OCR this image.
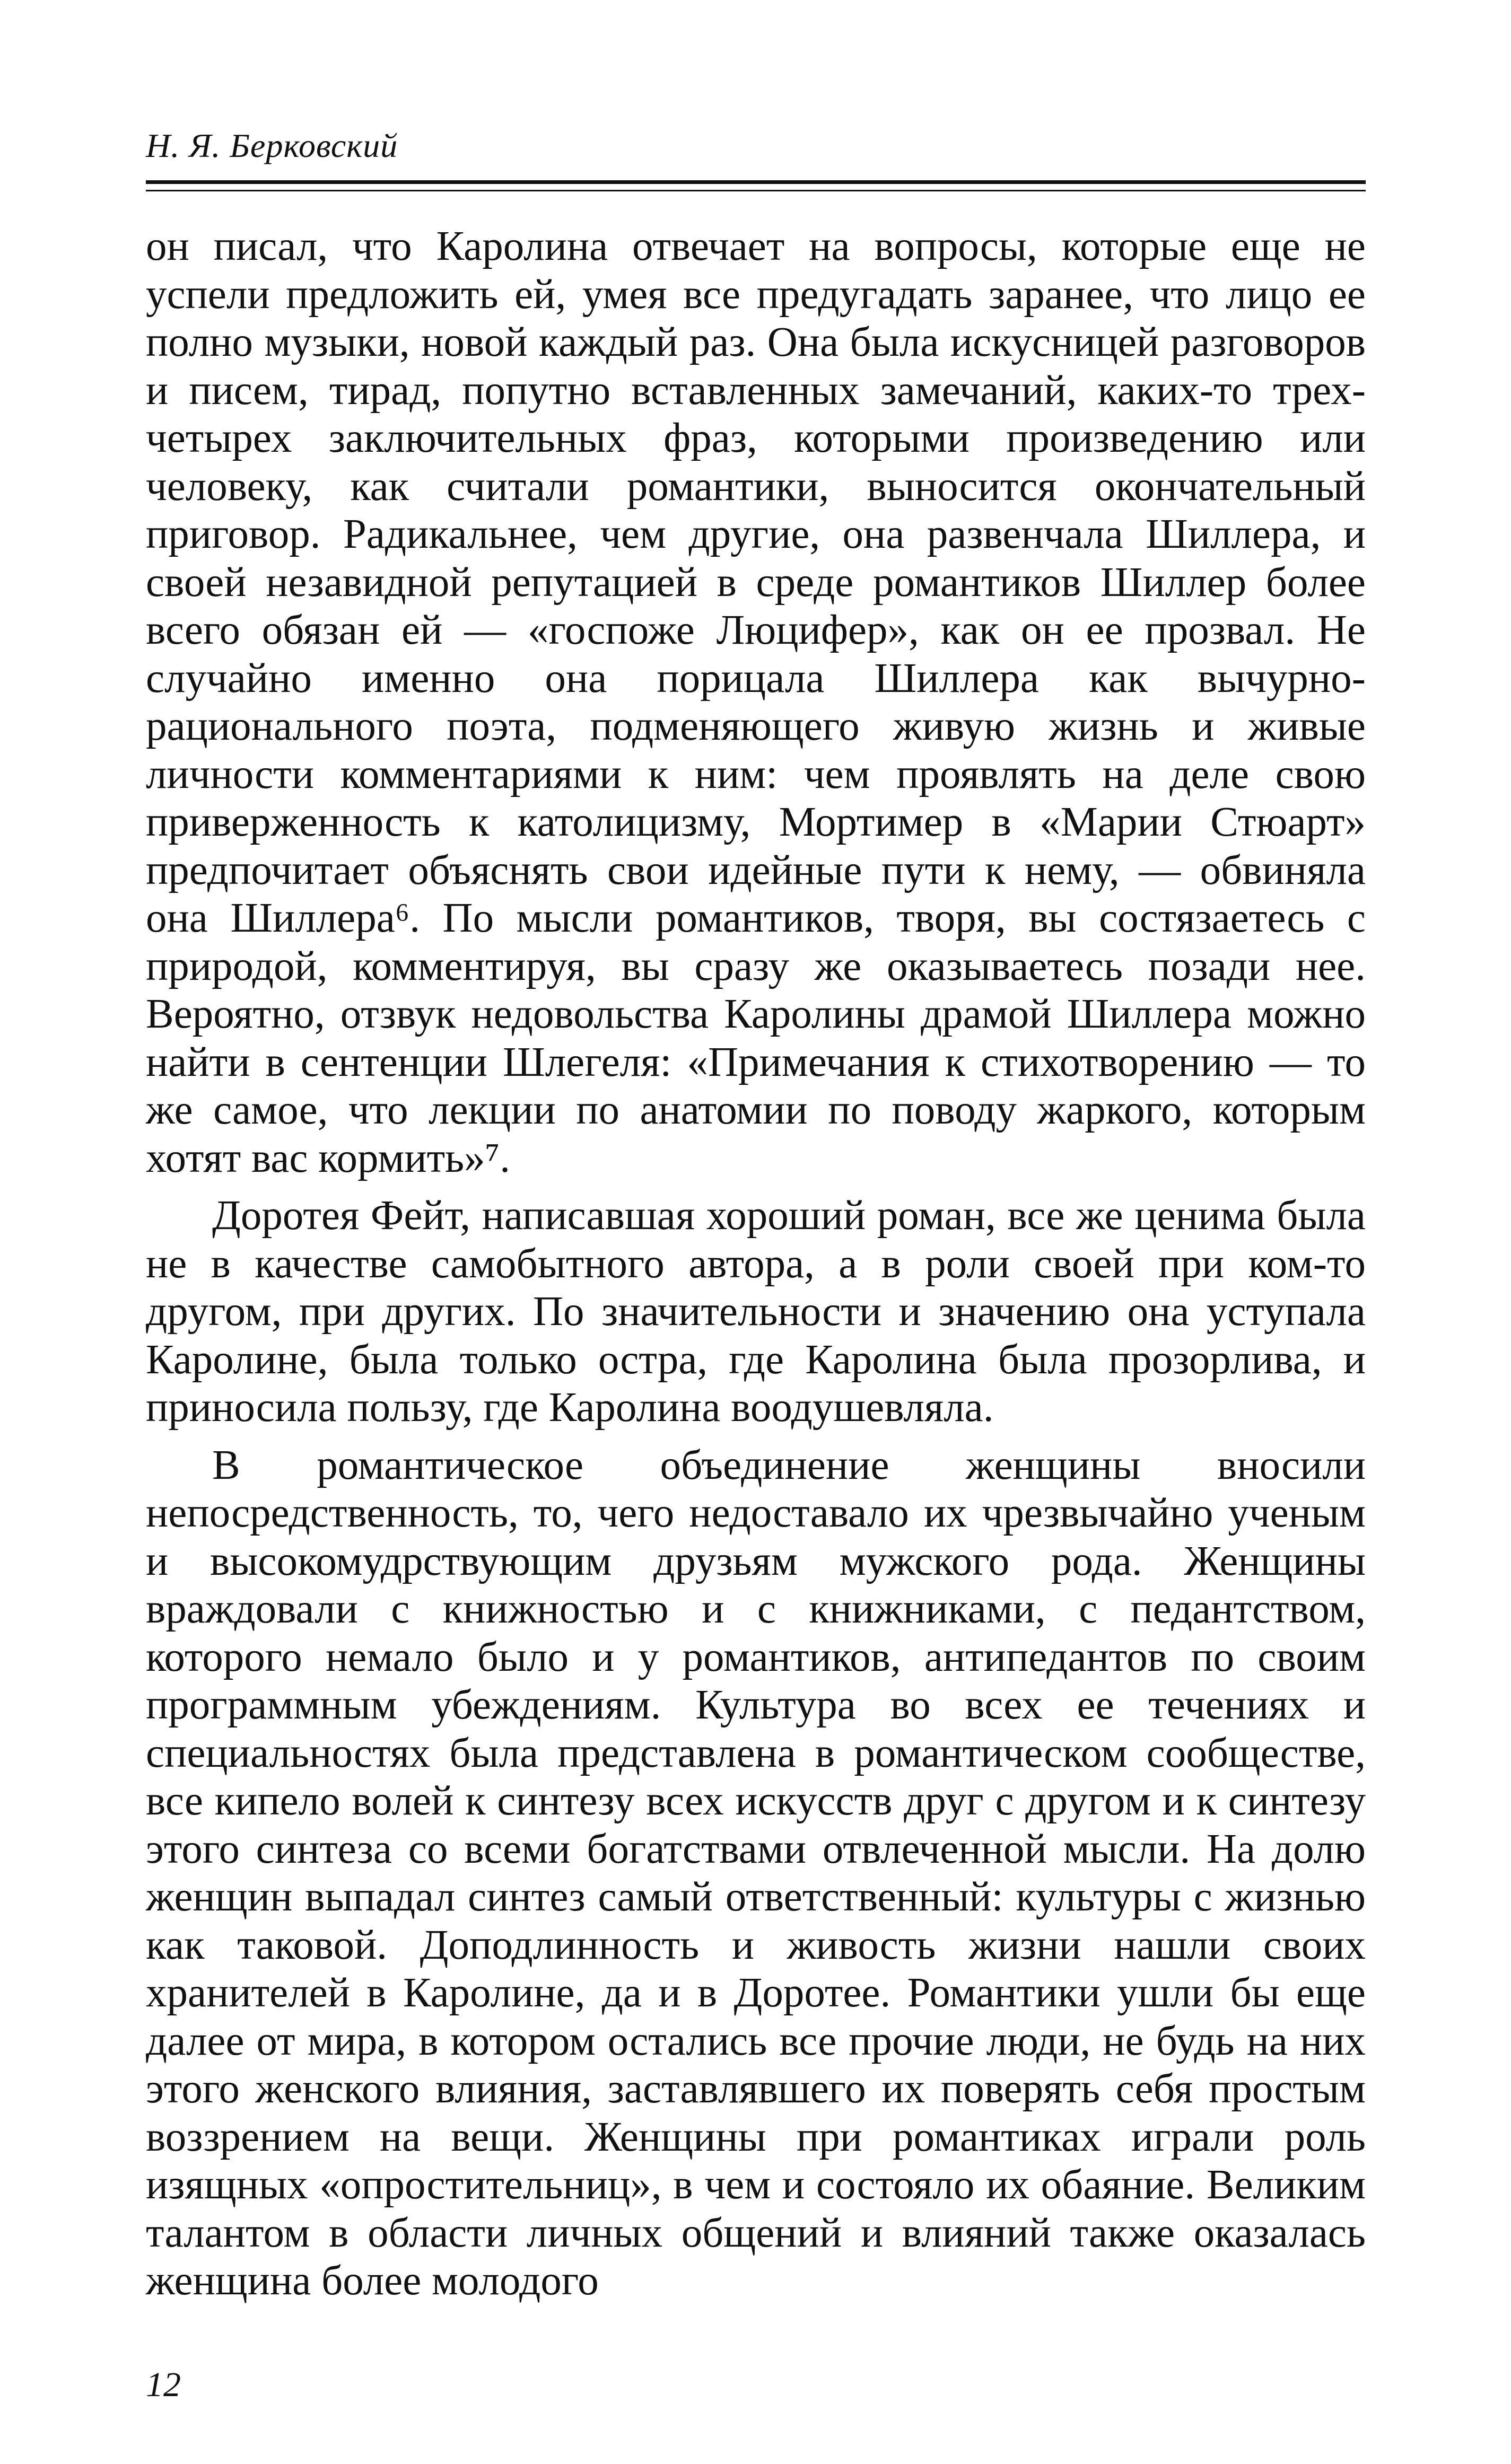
Н. Я. Берковский

он писал, что Каролина отвечает на вопросы, которые еще не успели предложить ей, умея все предугадать заранее, что лицо ее полно музыки, новой каждый раз. Она была искусницей разговоров и писем, тирад, попутно вставленных замечаний, каких-то трех-четырех заключительных фраз, которыми произведению или человеку, как считали романтики, выносится окончательный приговор. Радикальнее, чем другие, она развенчала Шиллера, и своей незавидной репутацией в среде романтиков Шиллер более всего обязан ей — «госпоже Люцифер», как он ее прозвал. Не случайно именно она порицала Шиллера как вычурно-рационального поэта, подменяющего живую жизнь и живые личности комментариями к ним: чем проявлять на деле свою приверженность к католицизму, Мортимер в «Марии Стюарт» предпочитает объяснять свои идейные пути к нему, — обвиняла она Шиллера⁶. По мысли романтиков, творя, вы состязаетесь с природой, комментируя, вы сразу же оказываетесь позади нее. Вероятно, отзвук недовольства Каролины драмой Шиллера можно найти в сентенции Шлегеля: «Примечания к стихотворению — то же самое, что лекции по анатомии по поводу жаркого, которым хотят вас кормить»⁷.

Доротея Фейт, написавшая хороший роман, все же ценима была не в качестве самобытного автора, а в роли своей при ком-то другом, при других. По значительности и значению она уступала Каролине, была только остра, где Каролина была прозорлива, и приносила пользу, где Каролина воодушевляла.

В романтическое объединение женщины вносили непосредственность, то, чего недоставало их чрезвычайно ученым и высокомудрствующим друзьям мужского рода. Женщины враждовали с книжностью и с книжниками, с педантством, которого немало было и у романтиков, антипедантов по своим программным убеждениям. Культура во всех ее течениях и специальностях была представлена в романтическом сообществе, все кипело волей к синтезу всех искусств друг с другом и к синтезу этого синтеза со всеми богатствами отвлеченной мысли. На долю женщин выпадал синтез самый ответственный: культуры с жизнью как таковой. Доподлинность и живость жизни нашли своих хранителей в Каролине, да и в Доротее. Романтики ушли бы еще далее от мира, в котором остались все прочие люди, не будь на них этого женского влияния, заставлявшего их поверять себя простым воззрением на вещи. Женщины при романтиках играли роль изящных «опростительниц», в чем и состояло их обаяние. Великим талантом в области личных общений и влияний также оказалась женщина более молодого

12
